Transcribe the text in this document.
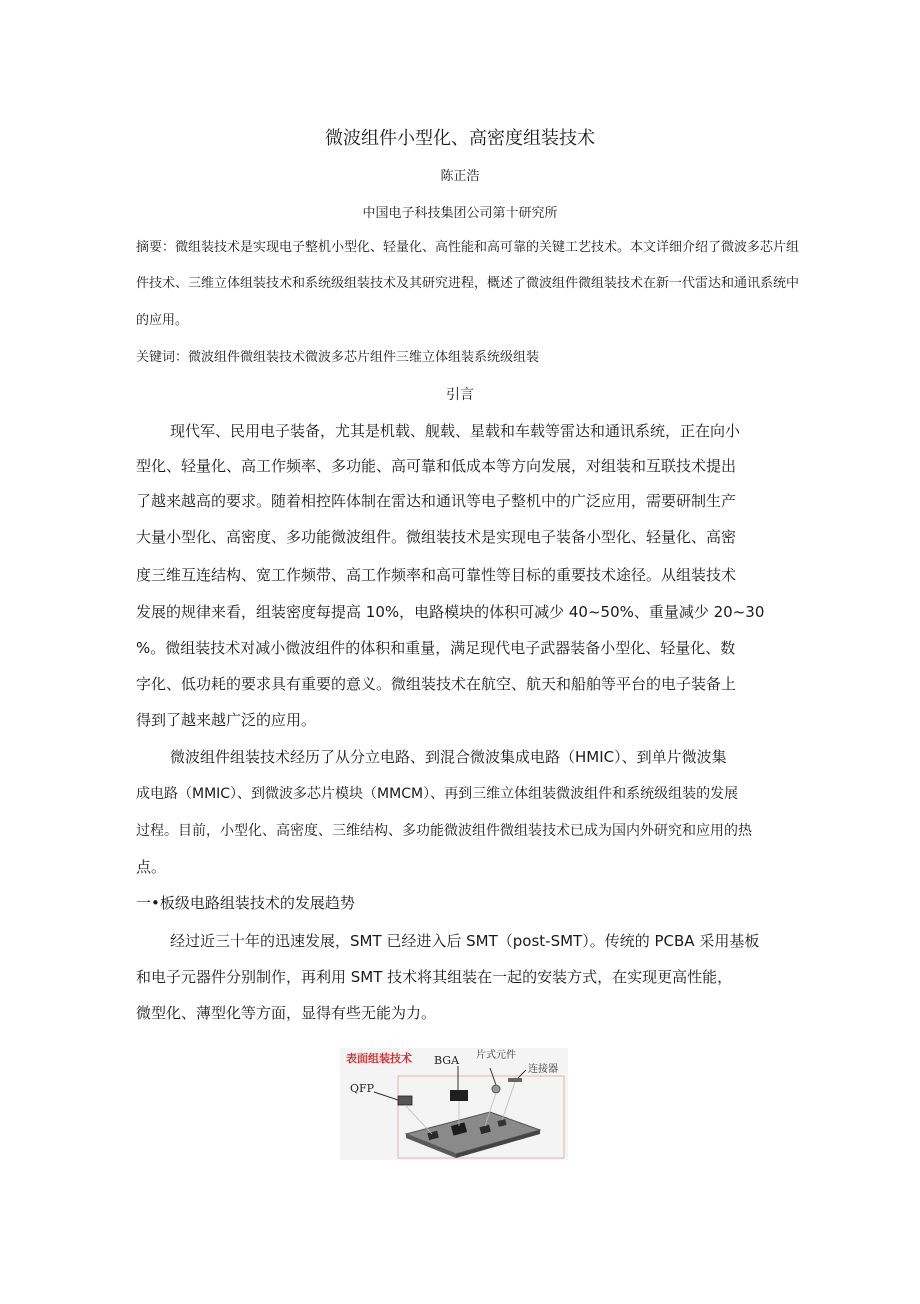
微波组件小型化、高密度组装技术
陈正浩
中国电子科技集团公司第十研究所
摘要：微组装技术是实现电子整机小型化、轻量化、高性能和高可靠的关键工艺技术。本文详细介绍了微波多芯片组
件技术、三维立体组装技术和系统级组装技术及其研究进程，概述了微波组件微组装技术在新一代雷达和通讯系统中
的应用。
关键词：微波组件微组装技术微波多芯片组件三维立体组装系统级组装
引言
现代军、民用电子装备，尤其是机载、舰载、星载和车载等雷达和通讯系统，正在向小
型化、轻量化、高工作频率、多功能、高可靠和低成本等方向发展，对组装和互联技术提出
了越来越高的要求。随着相控阵体制在雷达和通讯等电子整机中的广泛应用，需要研制生产
大量小型化、高密度、多功能微波组件。微组装技术是实现电子装备小型化、轻量化、高密
度三维互连结构、宽工作频带、高工作频率和高可靠性等目标的重要技术途径。从组装技术
发展的规律来看，组装密度每提高 10%，电路模块的体积可减少 40~50%、重量减少 20~30
%。微组装技术对减小微波组件的体积和重量，满足现代电子武器装备小型化、轻量化、数
字化、低功耗的要求具有重要的意义。微组装技术在航空、航天和船舶等平台的电子装备上
得到了越来越广泛的应用。
微波组件组装技术经历了从分立电路、到混合微波集成电路（HMIC）、到单片微波集
成电路（MMIC）、到微波多芯片模块（MMCM）、再到三维立体组装微波组件和系统级组装的发展
过程。目前，小型化、高密度、三维结构、多功能微波组件微组装技术已成为国内外研究和应用的热
点。
一•板级电路组装技术的发展趋势
经过近三十年的迅速发展，SMT 已经进入后 SMT（post-SMT）。传统的 PCBA 采用基板
和电子元器件分别制作，再利用 SMT 技术将其组装在一起的安装方式，在实现更高性能，
微型化、薄型化等方面，显得有些无能为力。
表面组装技术 BGA 片式元件
连接器
QFP
